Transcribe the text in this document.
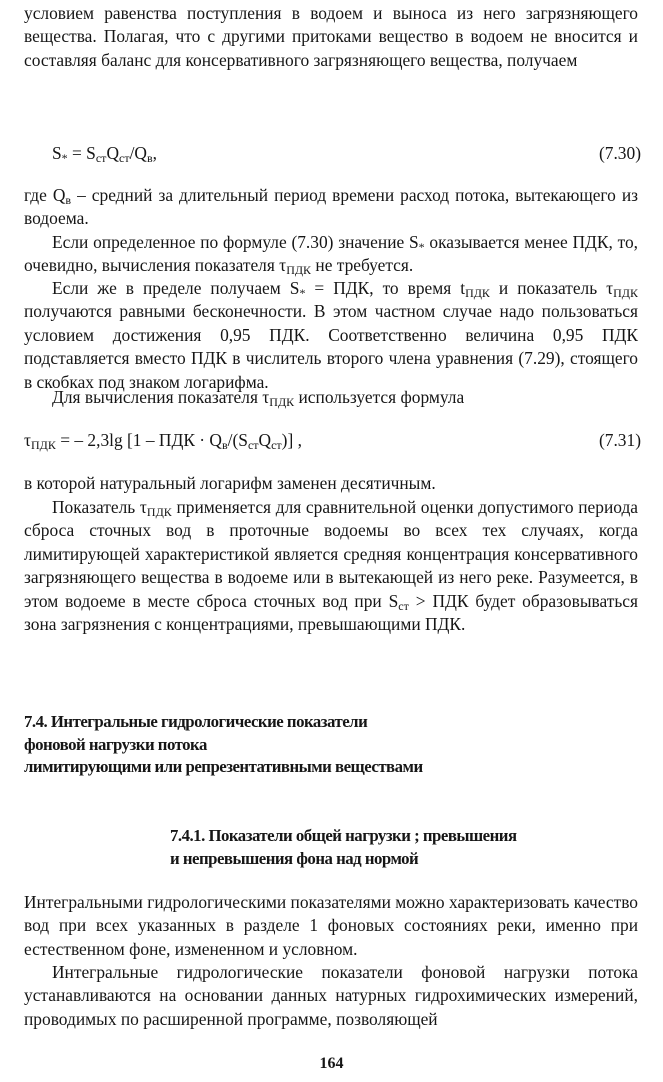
условием равенства поступления в водоем и выноса из него загрязняющего вещества. Полагая, что с другими притоками вещество в водоем не вносится и составляя баланс для консервативного загрязняющего вещества, получаем

$S_* = S_{ст}Q_{ст}/Q_в$,	(7.30)

где $Q_в$ – средний за длительный период времени расход потока, вытекающего из водоема.

Если определенное по формуле (7.30) значение $S_*$ оказывается менее ПДК, то, очевидно, вычисления показателя $\tau_{ПДК}$ не требуется.

Если же в пределе получаем $S_*$ = ПДК, то время $t_{ПДК}$ и показатель $\tau_{ПДК}$ получаются равными бесконечности. В этом частном случае надо пользоваться условием достижения 0,95 ПДК. Соответственно величина 0,95 ПДК подставляется вместо ПДК в числитель второго члена уравнения (7.29), стоящего в скобках под знаком логарифма.

Для вычисления показателя $\tau_{ПДК}$ используется формула

$\tau_{ПДК}$ = – 2,3lg [1 – ПДК · $Q_в/(S_{ст}Q_{ст})$] ,	(7.31)

в которой натуральный логарифм заменен десятичным.

Показатель $\tau_{ПДК}$ применяется для сравнительной оценки допустимого периода сброса сточных вод в проточные водоемы во всех тех случаях, когда лимитирующей характеристикой является средняя концентрация консервативного загрязняющего вещества в водоеме или в вытекающей из него реке. Разумеется, в этом водоеме в месте сброса сточных вод при $S_{ст}$ > ПДК будет образовываться зона загрязнения с концентрациями, превышающими ПДК.

7.4. Интегральные гидрологические показатели
фоновой нагрузки потока
лимитирующими или репрезентативными веществами
7.4.1. Показатели общей нагрузки ; превышения
и непревышения фона над нормой

Интегральными гидрологическими показателями можно характеризовать качество вод при всех указанных в разделе 1 фоновых состояниях реки, именно при естественном фоне, измененном и условном.

Интегральные гидрологические показатели фоновой нагрузки потока устанавливаются на основании данных натурных гидрохимических измерений, проводимых по расширенной программе, позволяющей

164
